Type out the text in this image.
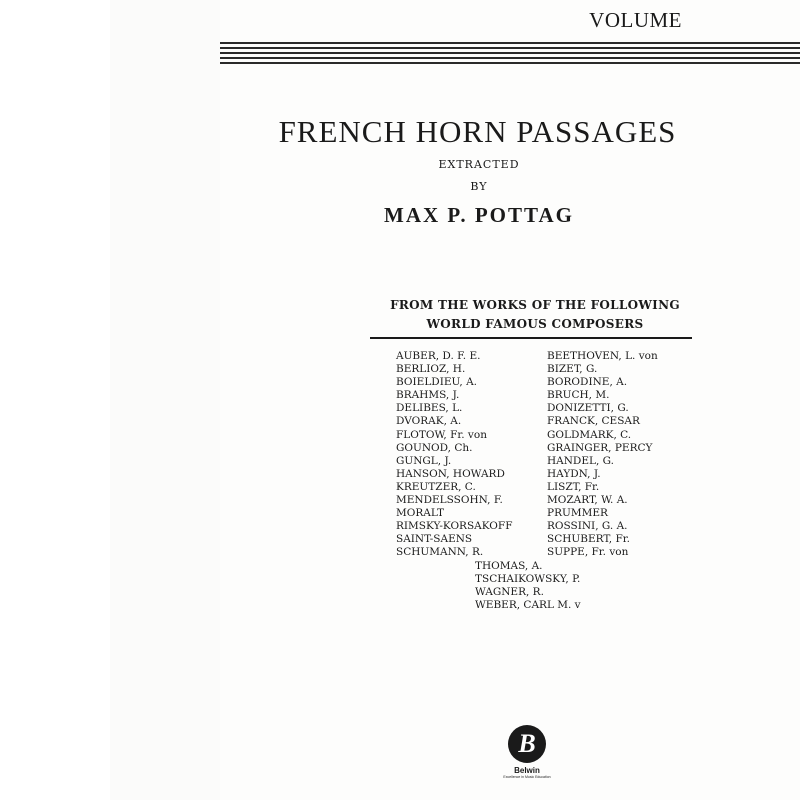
VOLUME
FRENCH HORN PASSAGES
EXTRACTED
BY
MAX P. POTTAG
FROM THE WORKS OF THE FOLLOWING
WORLD FAMOUS COMPOSERS
AUBER, D. F. E.
BERLIOZ, H.
BOIELDIEU, A.
BRAHMS, J.
DELIBES, L.
DVORAK, A.
FLOTOW, Fr. von
GOUNOD, Ch.
GUNGL, J.
HANSON, HOWARD
KREUTZER, C.
MENDELSSOHN, F.
MORALT
RIMSKY-KORSAKOFF
SAINT-SAENS
SCHUMANN, R.
BEETHOVEN, L. von
BIZET, G.
BORODINE, A.
BRUCH, M.
DONIZETTI, G.
FRANCK, CESAR
GOLDMARK, C.
GRAINGER, PERCY
HANDEL, G.
HAYDN, J.
LISZT, Fr.
MOZART, W. A.
PRUMMER
ROSSINI, G. A.
SCHUBERT, Fr.
SUPPE, Fr. von
THOMAS, A.
TSCHAIKOWSKY, P.
WAGNER, R.
WEBER, CARL M. v
B
Belwin
Excellence in Music Education
